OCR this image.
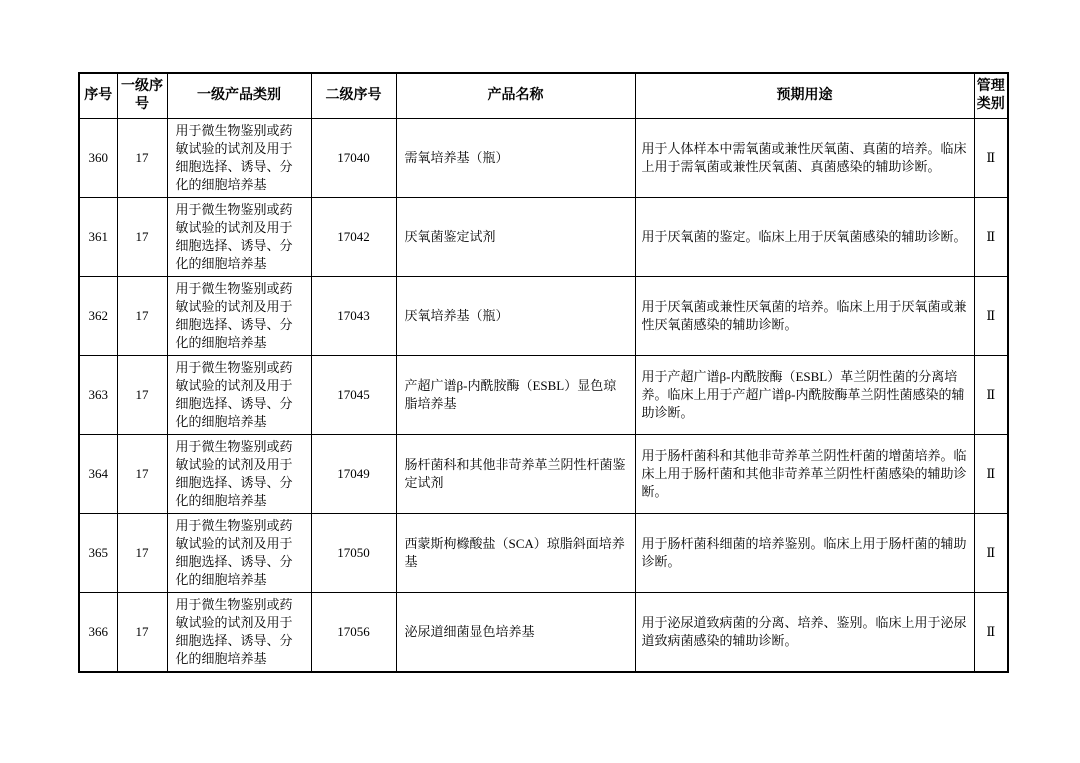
序号	一级序号	一级产品类别	二级序号	产品名称	预期用途	管理类别
360	17	用于微生物鉴别或药敏试验的试剂及用于细胞选择、诱导、分化的细胞培养基	17040	需氧培养基（瓶）	用于人体样本中需氧菌或兼性厌氧菌、真菌的培养。临床上用于需氧菌或兼性厌氧菌、真菌感染的辅助诊断。	Ⅱ
361	17	用于微生物鉴别或药敏试验的试剂及用于细胞选择、诱导、分化的细胞培养基	17042	厌氧菌鉴定试剂	用于厌氧菌的鉴定。临床上用于厌氧菌感染的辅助诊断。	Ⅱ
362	17	用于微生物鉴别或药敏试验的试剂及用于细胞选择、诱导、分化的细胞培养基	17043	厌氧培养基（瓶）	用于厌氧菌或兼性厌氧菌的培养。临床上用于厌氧菌或兼性厌氧菌感染的辅助诊断。	Ⅱ
363	17	用于微生物鉴别或药敏试验的试剂及用于细胞选择、诱导、分化的细胞培养基	17045	产超广谱β-内酰胺酶（ESBL）显色琼脂培养基	用于产超广谱β-内酰胺酶（ESBL）革兰阴性菌的分离培养。临床上用于产超广谱β-内酰胺酶革兰阴性菌感染的辅助诊断。	Ⅱ
364	17	用于微生物鉴别或药敏试验的试剂及用于细胞选择、诱导、分化的细胞培养基	17049	肠杆菌科和其他非苛养革兰阴性杆菌鉴定试剂	用于肠杆菌科和其他非苛养革兰阴性杆菌的增菌培养。临床上用于肠杆菌和其他非苛养革兰阴性杆菌感染的辅助诊断。	Ⅱ
365	17	用于微生物鉴别或药敏试验的试剂及用于细胞选择、诱导、分化的细胞培养基	17050	西蒙斯枸橼酸盐（SCA）琼脂斜面培养基	用于肠杆菌科细菌的培养鉴别。临床上用于肠杆菌的辅助诊断。	Ⅱ
366	17	用于微生物鉴别或药敏试验的试剂及用于细胞选择、诱导、分化的细胞培养基	17056	泌尿道细菌显色培养基	用于泌尿道致病菌的分离、培养、鉴别。临床上用于泌尿道致病菌感染的辅助诊断。	Ⅱ
